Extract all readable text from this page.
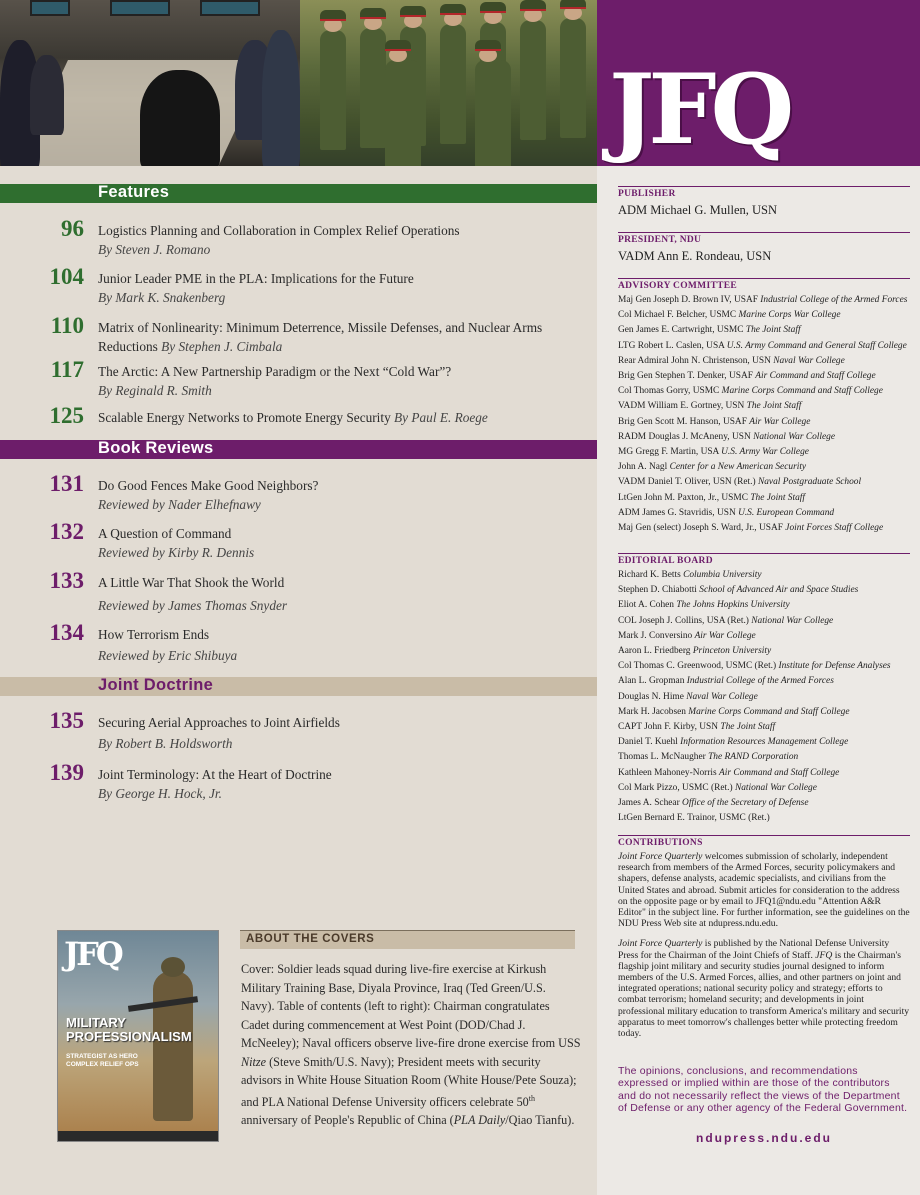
JFQ
PUBLISHER
ADM Michael G. Mullen, USN
PRESIDENT, NDU
VADM Ann E. Rondeau, USN
ADVISORY COMMITTEE
Maj Gen Joseph D. Brown IV, USAF Industrial College of the Armed Forces
Col Michael F. Belcher, USMC Marine Corps War College
Gen James E. Cartwright, USMC The Joint Staff
LTG Robert L. Caslen, USA U.S. Army Command and General Staff College
Rear Admiral John N. Christenson, USN Naval War College
Brig Gen Stephen T. Denker, USAF Air Command and Staff College
Col Thomas Gorry, USMC Marine Corps Command and Staff College
VADM William E. Gortney, USN The Joint Staff
Brig Gen Scott M. Hanson, USAF Air War College
RADM Douglas J. McAneny, USN National War College
MG Gregg F. Martin, USA U.S. Army War College
John A. Nagl Center for a New American Security
VADM Daniel T. Oliver, USN (Ret.) Naval Postgraduate School
LtGen John M. Paxton, Jr., USMC The Joint Staff
ADM James G. Stavridis, USN U.S. European Command
Maj Gen (select) Joseph S. Ward, Jr., USAF Joint Forces Staff College
EDITORIAL BOARD
Richard K. Betts Columbia University
Stephen D. Chiabotti School of Advanced Air and Space Studies
Eliot A. Cohen The Johns Hopkins University
COL Joseph J. Collins, USA (Ret.) National War College
Mark J. Conversino Air War College
Aaron L. Friedberg Princeton University
Col Thomas C. Greenwood, USMC (Ret.) Institute for Defense Analyses
Alan L. Gropman Industrial College of the Armed Forces
Douglas N. Hime Naval War College
Mark H. Jacobsen Marine Corps Command and Staff College
CAPT John F. Kirby, USN The Joint Staff
Daniel T. Kuehl Information Resources Management College
Thomas L. McNaugher The RAND Corporation
Kathleen Mahoney-Norris Air Command and Staff College
Col Mark Pizzo, USMC (Ret.) National War College
James A. Schear Office of the Secretary of Defense
LtGen Bernard E. Trainor, USMC (Ret.)
CONTRIBUTIONS

Joint Force Quarterly welcomes submission of scholarly, independent research from members of the Armed Forces, security policymakers and shapers, defense analysts, academic specialists, and civilians from the United States and abroad. Submit articles for consideration to the address on the opposite page or by email to JFQ1@ndu.edu "Attention A&R Editor" in the subject line. For further information, see the guidelines on the NDU Press Web site at ndupress.ndu.edu.

Joint Force Quarterly is published by the National Defense University Press for the Chairman of the Joint Chiefs of Staff. JFQ is the Chairman's flagship joint military and security studies journal designed to inform members of the U.S. Armed Forces, allies, and other partners on joint and integrated operations; national security policy and strategy; efforts to combat terrorism; homeland security; and developments in joint professional military education to transform America's military and security apparatus to meet tomorrow's challenges better while protecting freedom today.

The opinions, conclusions, and recommendations expressed or implied within are those of the contributors and do not necessarily reflect the views of the Department of Defense or any other agency of the Federal Government.
ndupress.ndu.edu
Features
Book Reviews
Joint Doctrine
96 Logistics Planning and Collaboration in Complex Relief Operations
By Steven J. Romano
104 Junior Leader PME in the PLA: Implications for the Future
By Mark K. Snakenberg
110 Matrix of Nonlinearity: Minimum Deterrence, Missile Defenses, and Nuclear Arms Reductions By Stephen J. Cimbala
117 The Arctic: A New Partnership Paradigm or the Next “Cold War”?
By Reginald R. Smith
125 Scalable Energy Networks to Promote Energy Security By Paul E. Roege
131 Do Good Fences Make Good Neighbors?
Reviewed by Nader Elhefnawy
132 A Question of Command
Reviewed by Kirby R. Dennis
133 A Little War That Shook the World
Reviewed by James Thomas Snyder
134 How Terrorism Ends
Reviewed by Eric Shibuya
135 Securing Aerial Approaches to Joint Airfields
By Robert B. Holdsworth
139 Joint Terminology: At the Heart of Doctrine
By George H. Hock, Jr.
JFQ
MILITARY
PROFESSIONALISM
STRATEGIST AS HERO
COMPLEX RELIEF OPS
ABOUT THE COVERS

Cover: Soldier leads squad during live-fire exercise at Kirkush Military Training Base, Diyala Province, Iraq (Ted Green/U.S. Navy). Table of contents (left to right): Chairman congratulates Cadet during commencement at West Point (DOD/Chad J. McNeeley); Naval officers observe live-fire drone exercise from USS Nitze (Steve Smith/U.S. Navy); President meets with security advisors in White House Situation Room (White House/Pete Souza); and PLA National Defense University officers celebrate 50th anniversary of People's Republic of China (PLA Daily/Qiao Tianfu).
